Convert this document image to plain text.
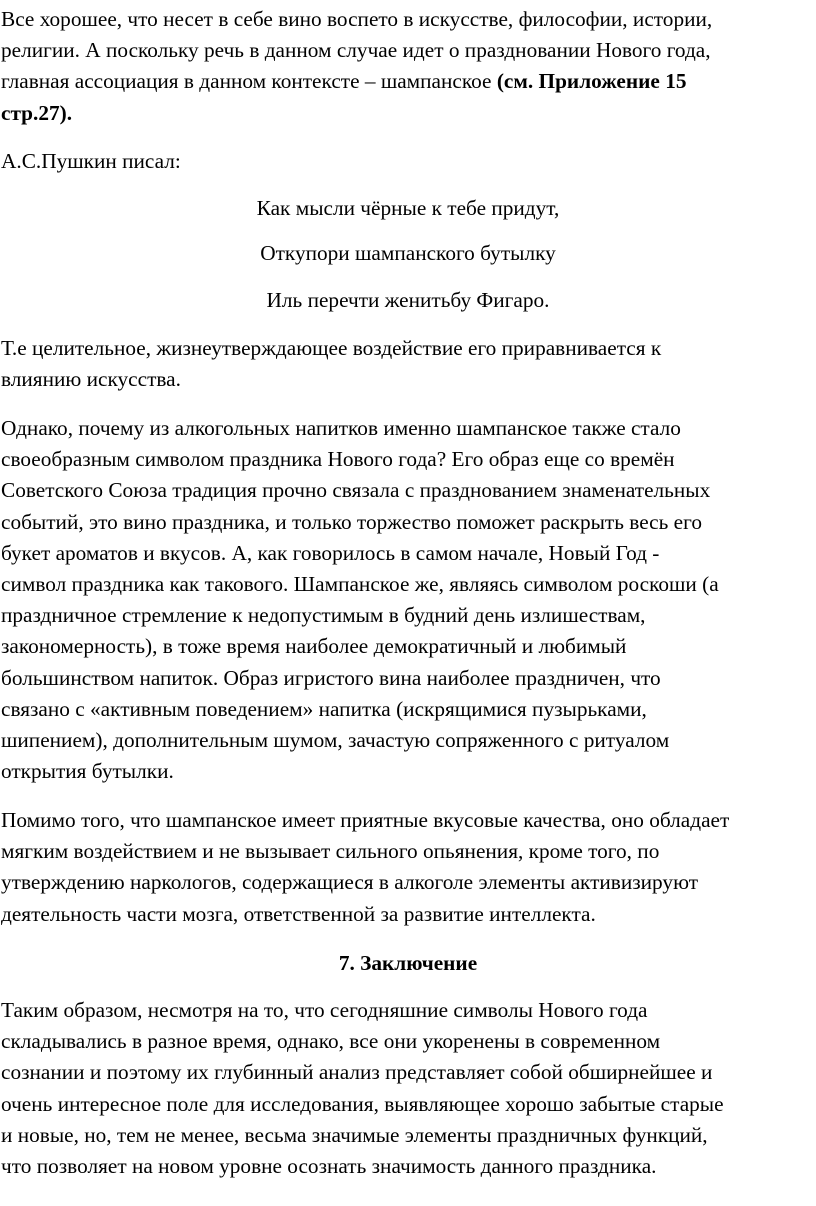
Все хорошее, что несет в себе вино воспето в искусстве, философии, истории,
религии. А поскольку речь в данном случае идет о праздновании Нового года,
главная ассоциация в данном контексте – шампанское (см. Приложение 15
стр.27).
А.С.Пушкин писал:

Как мысли чёрные к тебе придут,

Откупори шампанского бутылку

Иль перечти женитьбу Фигаро.

Т.е целительное, жизнеутверждающее воздействие его приравнивается к
влиянию искусства.
Однако, почему из алкогольных напитков именно шампанское также стало
своеобразным символом праздника Нового года? Его образ еще со времён
Советского Союза традиция прочно связала с празднованием знаменательных
событий, это вино праздника, и только торжество поможет раскрыть весь его
букет ароматов и вкусов. А, как говорилось в самом начале, Новый Год -
символ праздника как такового. Шампанское же, являясь символом роскоши (а
праздничное стремление к недопустимым в будний день излишествам,
закономерность), в тоже время наиболее демократичный и любимый
большинством напиток. Образ игристого вина наиболее праздничен, что
связано с «активным поведением» напитка (искрящимися пузырьками,
шипением), дополнительным шумом, зачастую сопряженного с ритуалом
открытия бутылки.
Помимо того, что шампанское имеет приятные вкусовые качества, оно обладает
мягким воздействием и не вызывает сильного опьянения, кроме того, по
утверждению наркологов, содержащиеся в алкоголе элементы активизируют
деятельность части мозга, ответственной за развитие интеллекта.

7. Заключение

Таким образом, несмотря на то, что сегодняшние символы Нового года
складывались в разное время, однако, все они укоренены в современном
сознании и поэтому их глубинный анализ представляет собой обширнейшее и
очень интересное поле для исследования, выявляющее хорошо забытые старые
и новые, но, тем не менее, весьма значимые элементы праздничных функций,
что позволяет на новом уровне осознать значимость данного праздника.
